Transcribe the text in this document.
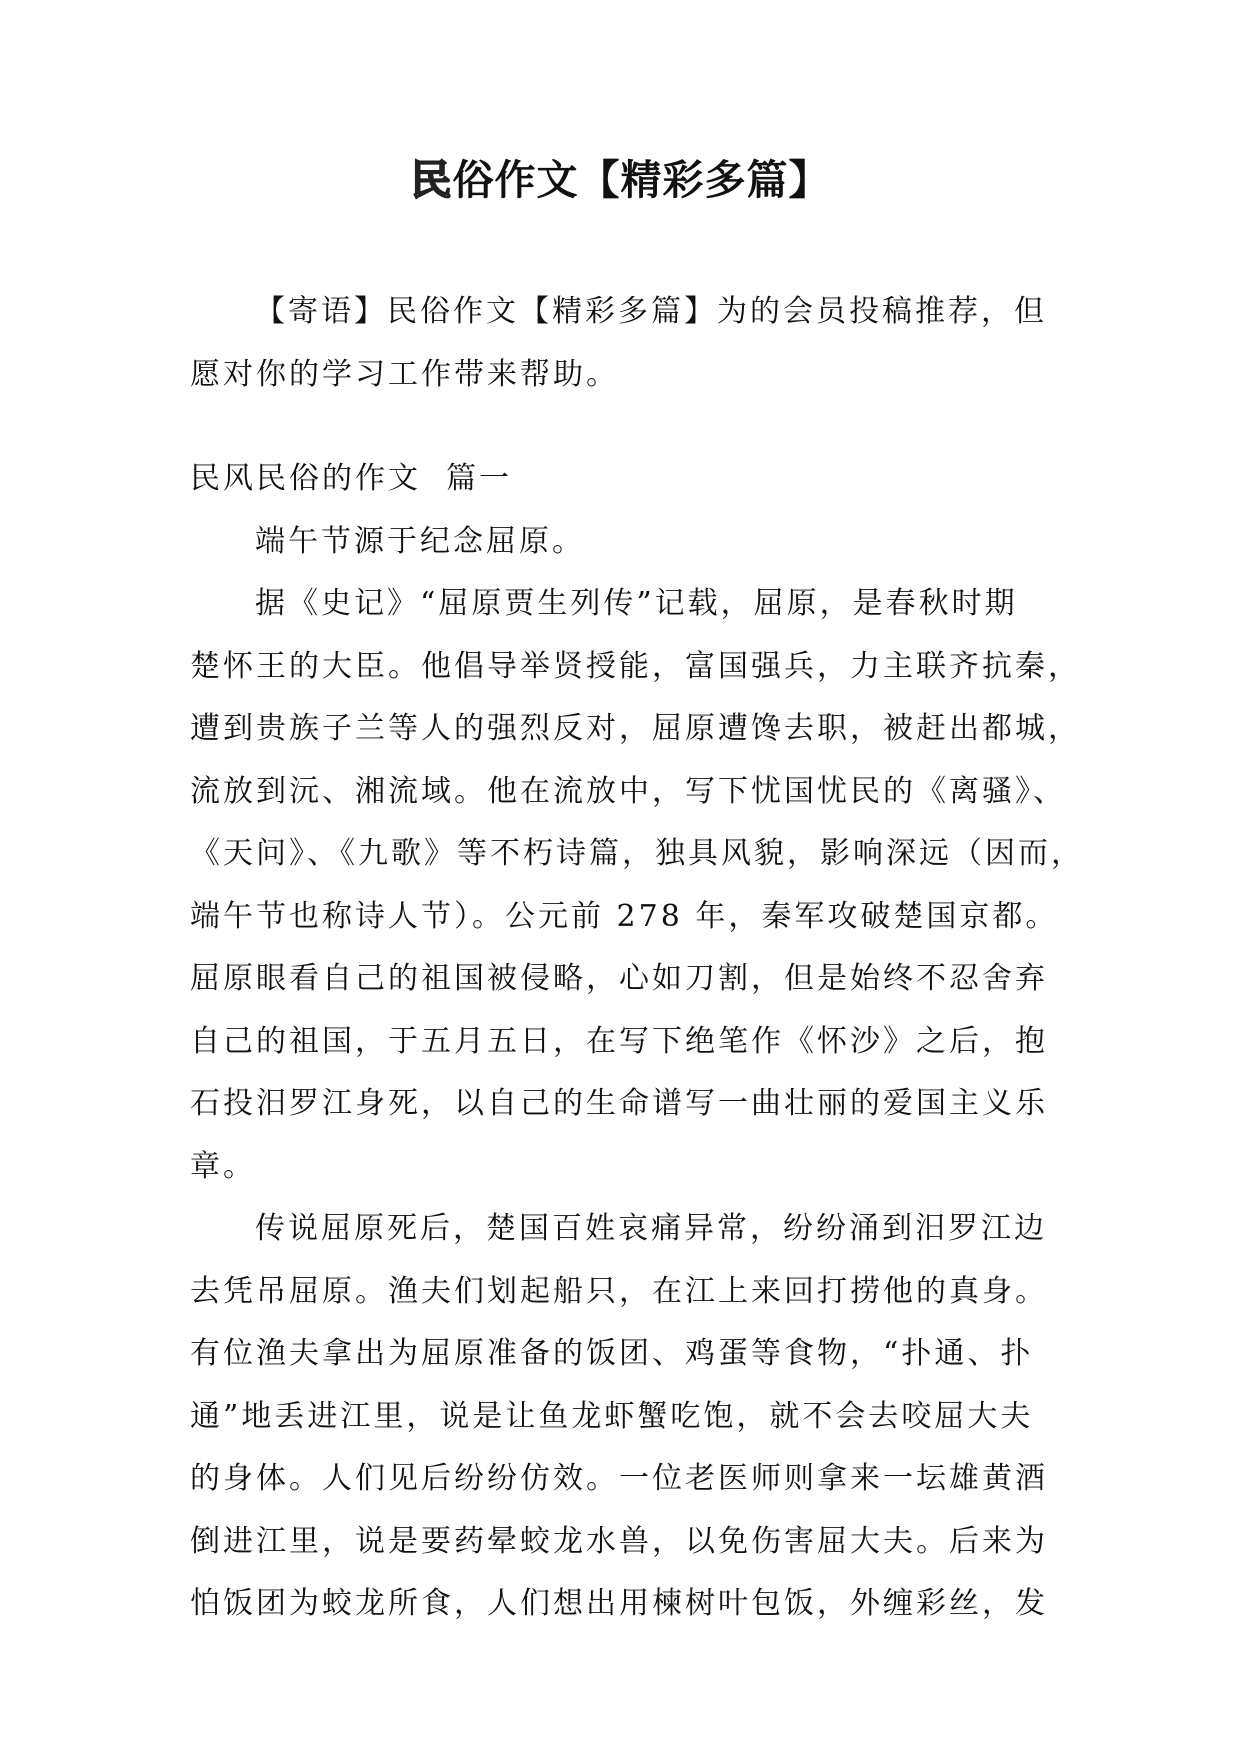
民俗作文【精彩多篇】
【寄语】民俗作文【精彩多篇】为的会员投稿推荐，但
愿对你的学习工作带来帮助。
民风民俗的作文  篇一
端午节源于纪念屈原。
据《史记》“屈原贾生列传”记载，屈原，是春秋时期
楚怀王的大臣。他倡导举贤授能，富国强兵，力主联齐抗秦，
遭到贵族子兰等人的强烈反对，屈原遭馋去职，被赶出都城，
流放到沅、湘流域。他在流放中，写下忧国忧民的《离骚》、
《天问》、《九歌》等不朽诗篇，独具风貌，影响深远（因而，
端午节也称诗人节）。公元前 278 年，秦军攻破楚国京都。
屈原眼看自己的祖国被侵略，心如刀割，但是始终不忍舍弃
自己的祖国，于五月五日，在写下绝笔作《怀沙》之后，抱
石投汨罗江身死，以自己的生命谱写一曲壮丽的爱国主义乐
章。
传说屈原死后，楚国百姓哀痛异常，纷纷涌到汨罗江边
去凭吊屈原。渔夫们划起船只，在江上来回打捞他的真身。
有位渔夫拿出为屈原准备的饭团、鸡蛋等食物，“扑通、扑
通”地丢进江里，说是让鱼龙虾蟹吃饱，就不会去咬屈大夫
的身体。人们见后纷纷仿效。一位老医师则拿来一坛雄黄酒
倒进江里，说是要药晕蛟龙水兽，以免伤害屈大夫。后来为
怕饭团为蛟龙所食，人们想出用楝树叶包饭，外缠彩丝，发
